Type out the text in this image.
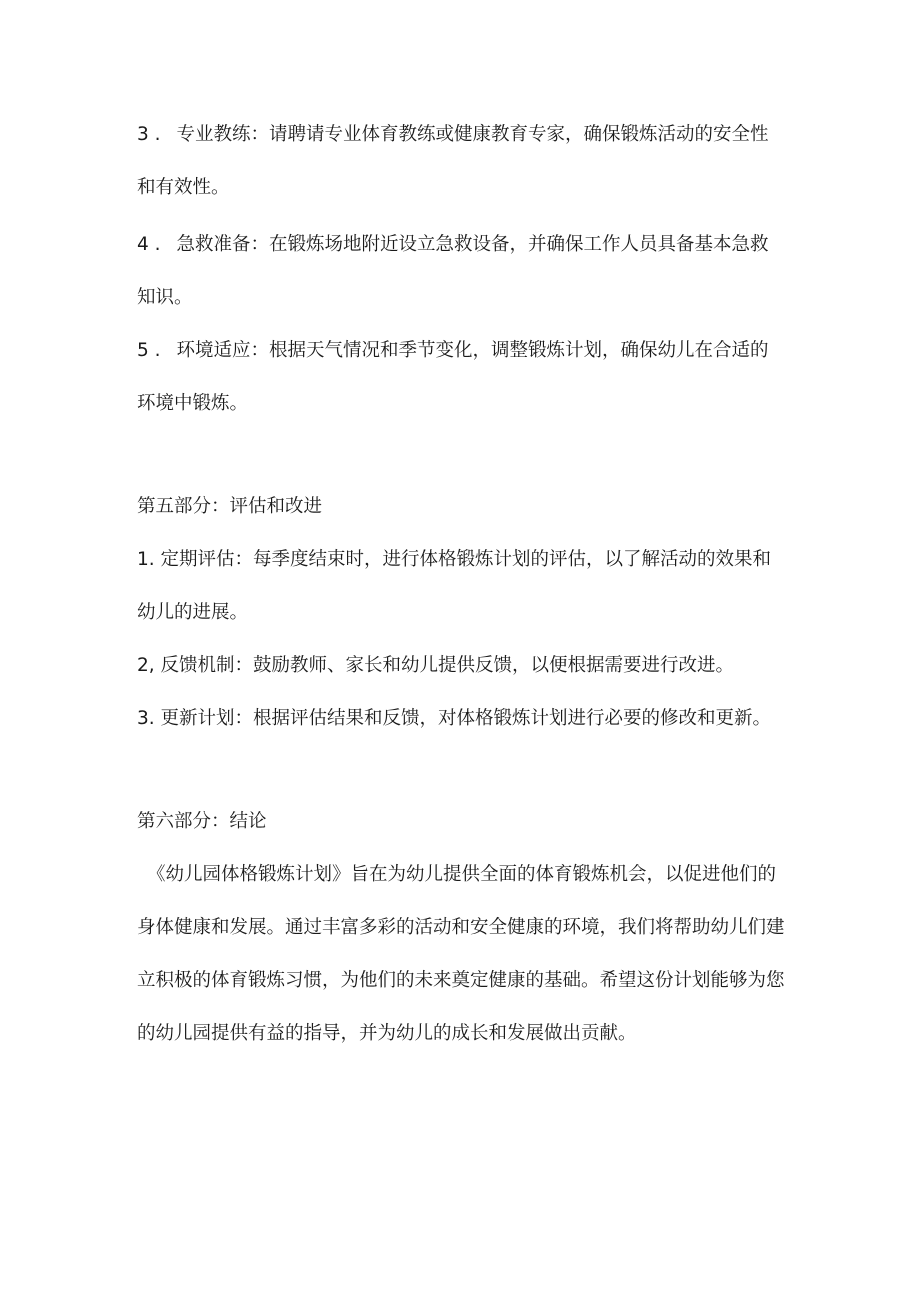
3 . 专业教练：请聘请专业体育教练或健康教育专家，确保锻炼活动的安全性和有效性。

4 . 急救准备：在锻炼场地附近设立急救设备，并确保工作人员具备基本急救知识。

5 . 环境适应：根据天气情况和季节变化，调整锻炼计划，确保幼儿在合适的环境中锻炼。

第五部分：评估和改进

1. 定期评估：每季度结束时，进行体格锻炼计划的评估，以了解活动的效果和幼儿的进展。

2, 反馈机制：鼓励教师、家长和幼儿提供反馈，以便根据需要进行改进。

3. 更新计划：根据评估结果和反馈，对体格锻炼计划进行必要的修改和更新。

第六部分：结论

《幼儿园体格锻炼计划》旨在为幼儿提供全面的体育锻炼机会，以促进他们的身体健康和发展。通过丰富多彩的活动和安全健康的环境，我们将帮助幼儿们建立积极的体育锻炼习惯，为他们的未来奠定健康的基础。希望这份计划能够为您的幼儿园提供有益的指导，并为幼儿的成长和发展做出贡献。
